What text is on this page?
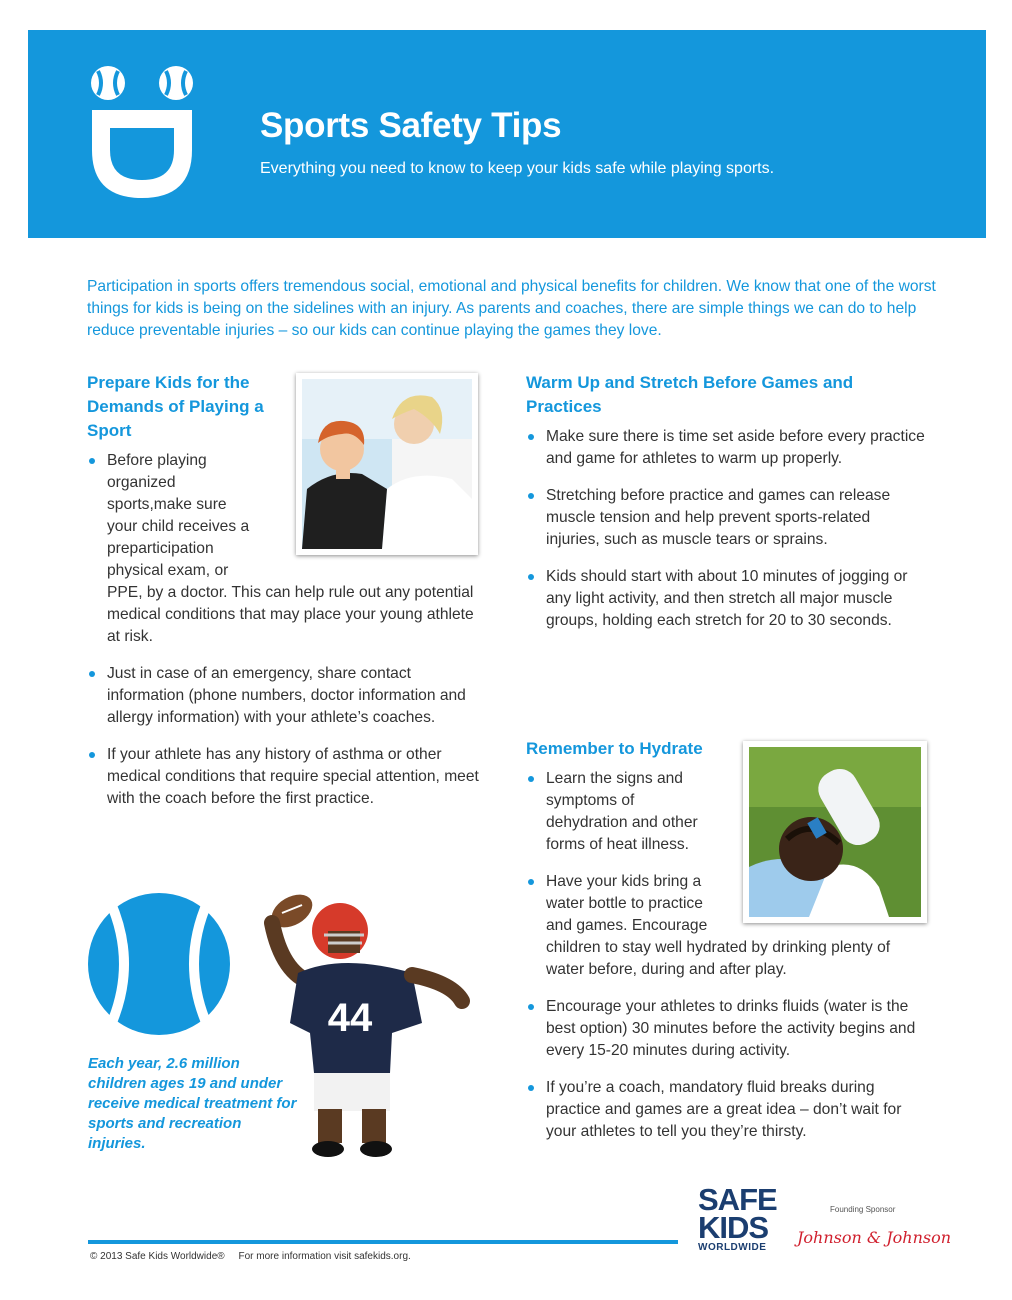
Sports Safety Tips
Everything you need to know to keep your kids safe while playing sports.

Participation in sports offers tremendous social, emotional and physical benefits for children. We know that one of the worst things for kids is being on the sidelines with an injury. As parents and coaches, there are simple things we can do to help reduce preventable injuries – so our kids can continue playing the games they love.

Prepare Kids for the Demands of Playing a Sport
Before playing organized sports,make sure your child receives a preparticipation physical exam, or PPE, by a doctor. This can help rule out any potential medical conditions that may place your young athlete at risk.
Just in case of an emergency, share contact information (phone numbers, doctor information and allergy information) with your athlete’s coaches.
If your athlete has any history of asthma or other medical conditions that require special attention, meet with the coach before the first practice.
44
Each year, 2.6 million children ages 19 and under receive medical treatment for sports and recreation injuries.
Warm Up and Stretch Before Games and Practices
Make sure there is time set aside before every practice and game for athletes to warm up properly.
Stretching before practice and games can release muscle tension and help prevent sports-related injuries, such as muscle tears or sprains.
Kids should start with about 10 minutes of jogging or any light activity, and then stretch all major muscle groups, holding each stretch for 20 to 30 seconds.
Remember to Hydrate
Learn the signs and symptoms of dehydration and other forms of heat illness.
Have your kids bring a water bottle to practice and games. Encourage children to stay well hydrated by drinking plenty of water before, during and after play.
Encourage your athletes to drinks fluids (water is the best option) 30 minutes before the activity begins and every 15-20 minutes during activity.
If you’re a coach, mandatory fluid breaks during practice and games are a great idea – don’t wait for your athletes to tell you they’re thirsty.
© 2013 Safe Kids Worldwide®     For more information visit safekids.org.
SAFE
KIDS
WORLDWIDE
Founding Sponsor
Johnson & Johnson
